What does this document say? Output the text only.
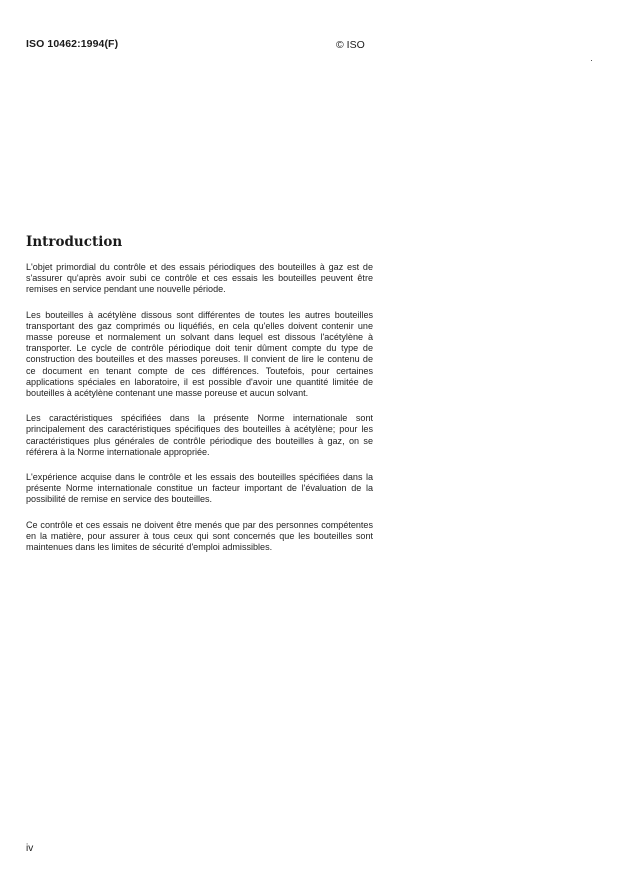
ISO 10462:1994(F)	© ISO
Introduction

L'objet primordial du contrôle et des essais périodiques des bouteilles à gaz est de s'assurer qu'après avoir subi ce contrôle et ces essais les bouteilles peuvent être remises en service pendant une nouvelle période.

Les bouteilles à acétylène dissous sont différentes de toutes les autres bouteilles transportant des gaz comprimés ou liquéfiés, en cela qu'elles doivent contenir une masse poreuse et normalement un solvant dans lequel est dissous l'acétylène à transporter. Le cycle de contrôle périodique doit tenir dûment compte du type de construction des bouteilles et des masses poreuses. Il convient de lire le contenu de ce document en tenant compte de ces différences. Toutefois, pour certaines applications spéciales en laboratoire, il est possible d'avoir une quantité limitée de bouteilles à acétylène contenant une masse poreuse et aucun solvant.

Les caractéristiques spécifiées dans la présente Norme internationale sont principalement des caractéristiques spécifiques des bouteilles à acétylène; pour les caractéristiques plus générales de contrôle périodique des bouteilles à gaz, on se référera à la Norme internationale appropriée.

L'expérience acquise dans le contrôle et les essais des bouteilles spécifiées dans la présente Norme internationale constitue un facteur important de l'évaluation de la possibilité de remise en service des bouteilles.

Ce contrôle et ces essais ne doivent être menés que par des personnes compétentes en la matière, pour assurer à tous ceux qui sont concernés que les bouteilles sont maintenues dans les limites de sécurité d'emploi admissibles.

iv
